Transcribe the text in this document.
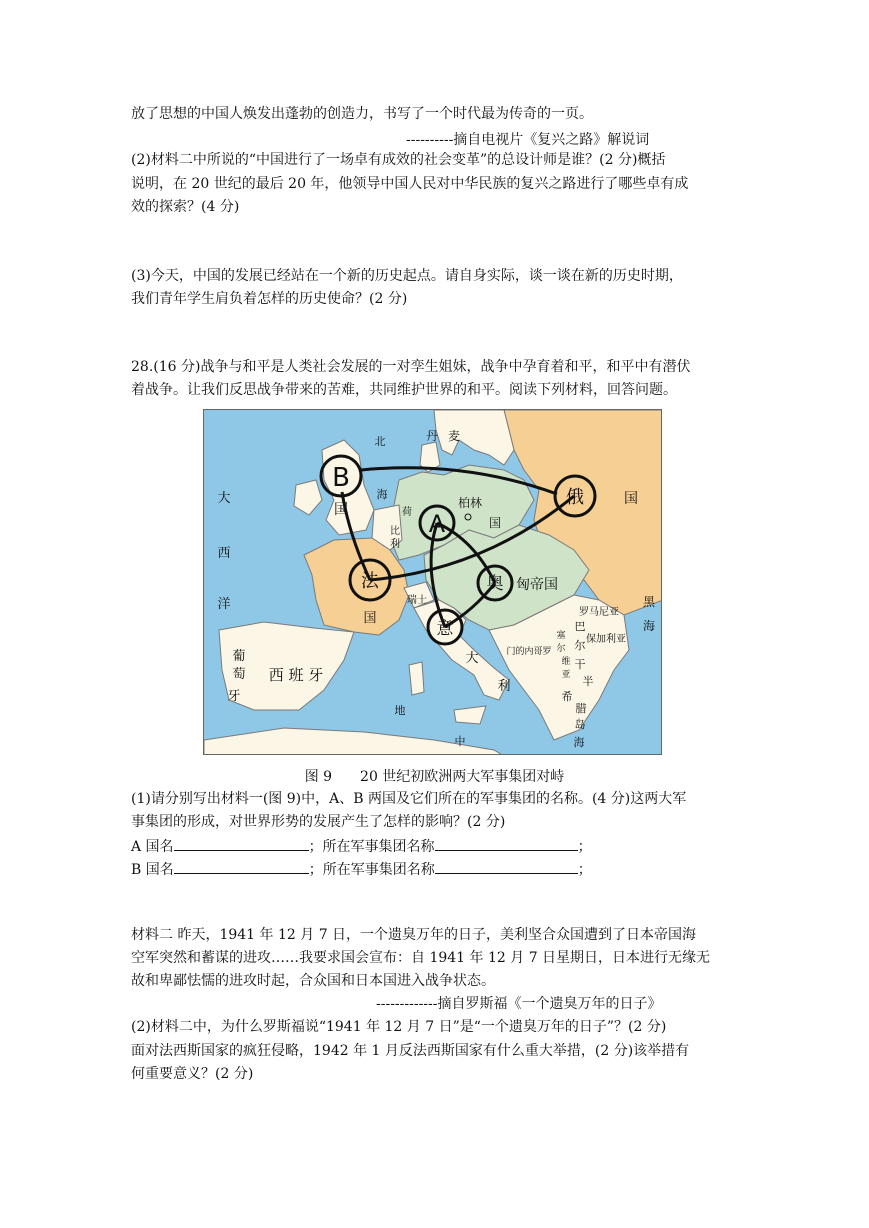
放了思想的中国人焕发出蓬勃的创造力，书写了一个时代最为传奇的一页。
----------摘自电视片《复兴之路》解说词
(2)材料二中所说的“中国进行了一场卓有成效的社会变革”的总设计师是谁？(2 分)概括
说明，在 20 世纪的最后 20 年，他领导中国人民对中华民族的复兴之路进行了哪些卓有成
效的探索？(4 分)
(3)今天，中国的发展已经站在一个新的历史起点。请自身实际，谈一谈在新的历史时期，
我们青年学生肩负着怎样的历史使命？(2 分)
28.(16 分)战争与和平是人类社会发展的一对孪生姐妹，战争中孕育着和平，和平中有潜伏
着战争。让我们反思战争带来的苦难，共同维护世界的和平。阅读下列材料，回答问题。
B
国	A
俄	国
法
国
奥 匈帝国
意
北
海
丹 麦
柏林
国
荷
比
利
瑞士
大
西
洋	黑
海
葡
萄
牙
西 班 牙
大
利
地
中	海
罗马尼亚
保加利亚
门的内哥罗
塞
尔
维
亚
巴
尔
干
半
岛
希
腊
图 9　　20 世纪初欧洲两大军事集团对峙
(1)请分别写出材料一(图 9)中，A、B 两国及它们所在的军事集团的名称。(4 分)这两大军
事集团的形成，对世界形势的发展产生了怎样的影响？(2 分)
A 国名	；所在军事集团名称	；
B 国名	；所在军事集团名称	；
材料二 昨天，1941 年 12 月 7 日，一个遗臭万年的日子，美利坚合众国遭到了日本帝国海
空军突然和蓄谋的进攻……我要求国会宣布：自 1941 年 12 月 7 日星期日，日本进行无缘无
故和卑鄙怯懦的进攻时起，合众国和日本国进入战争状态。
-------------摘自罗斯福《一个遗臭万年的日子》
(2)材料二中，为什么罗斯福说“1941 年 12 月 7 日”是“一个遗臭万年的日子”？(2 分)
面对法西斯国家的疯狂侵略，1942 年 1 月反法西斯国家有什么重大举措，(2 分)该举措有
何重要意义？(2 分)
